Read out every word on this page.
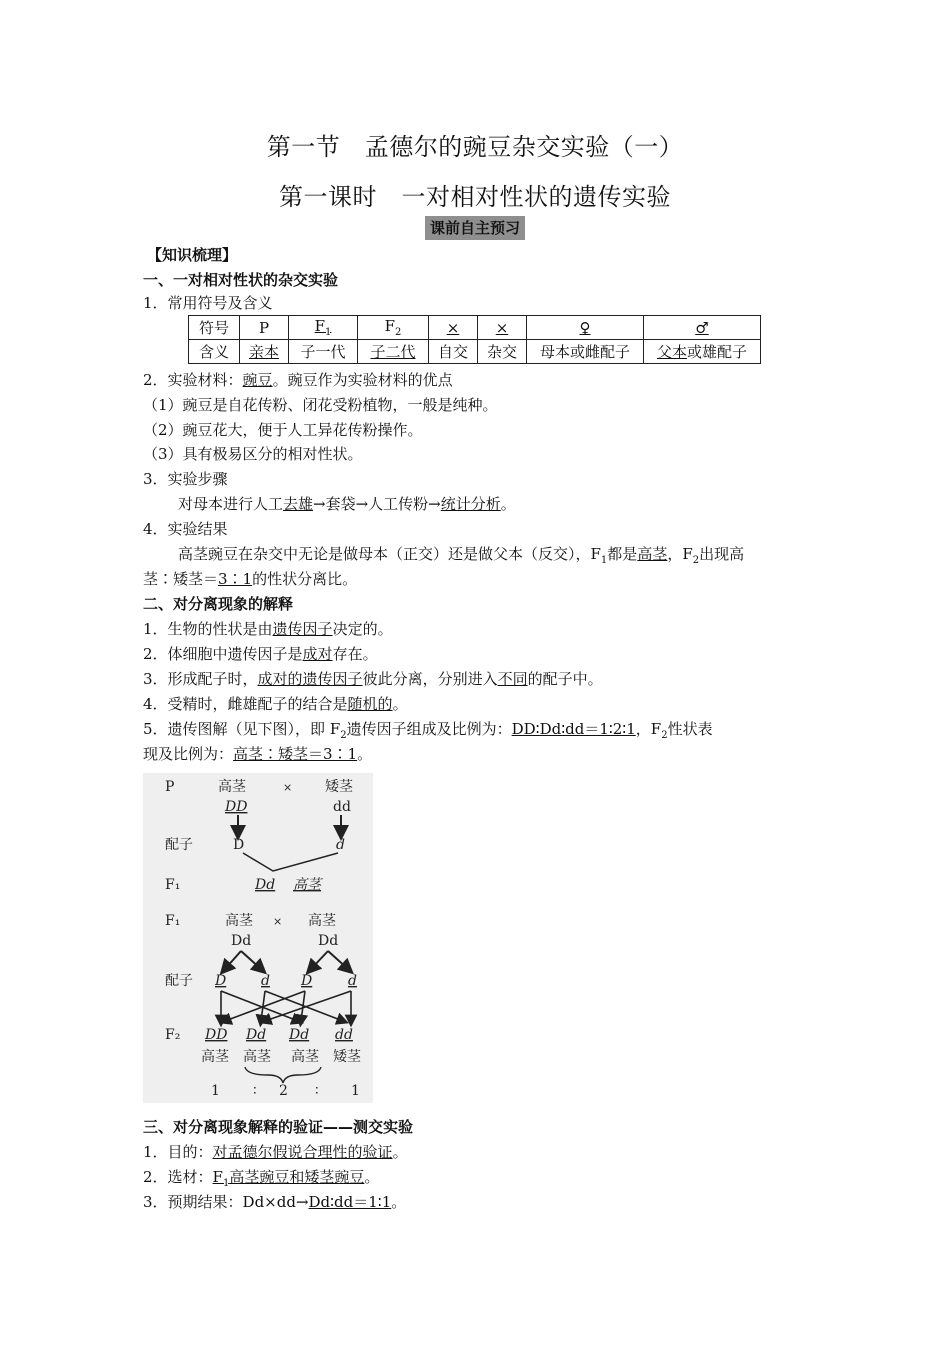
第一节　孟德尔的豌豆杂交实验（一）
第一课时　一对相对性状的遗传实验
课前自主预习
【知识梳理】
一、一对相对性状的杂交实验
1．常用符号及含义
符号	P	$F_1$	$F_2$	×	⨯	♀	♂
含义	亲本	子一代	子二代	自交	杂交	母本或雌配子	父本或雄配子
2．实验材料：豌豆。豌豆作为实验材料的优点
（1）豌豆是自花传粉、闭花受粉植物，一般是纯种。
（2）豌豆花大，便于人工异花传粉操作。
（3）具有极易区分的相对性状。
3．实验步骤
对母本进行人工去雄→套袋→人工传粉→统计分析。
4．实验结果
高茎豌豆在杂交中无论是做母本（正交）还是做父本（反交），$F_1$都是高茎，$F_2$出现高
茎∶矮茎＝3∶1的性状分离比。
二、对分离现象的解释
1．生物的性状是由遗传因子决定的。
2．体细胞中遗传因子是成对存在。
3．形成配子时，成对的遗传因子彼此分离，分别进入不同的配子中。
4．受精时，雌雄配子的结合是随机的。
5．遗传图解（见下图），即 $F_2$遗传因子组成及比例为：DD∶Dd∶dd＝1∶2∶1，$F_2$性状表
现及比例为：高茎∶矮茎＝3∶1。
P	高茎	× 矮茎
DD	dd
配子	D	d
F₁	Dd 高茎
F₁	高茎 × 高茎
Dd	Dd
配子 D d D	d
F₂ DD Dd Dd dd
高茎 高茎 高茎 矮茎
1 ∶ 2 ∶ 1
三、对分离现象解释的验证——测交实验
1．目的：对孟德尔假说合理性的验证。
2．选材：$F_1$高茎豌豆和矮茎豌豆。
3．预期结果：Dd×dd→Dd∶dd＝1∶1。
